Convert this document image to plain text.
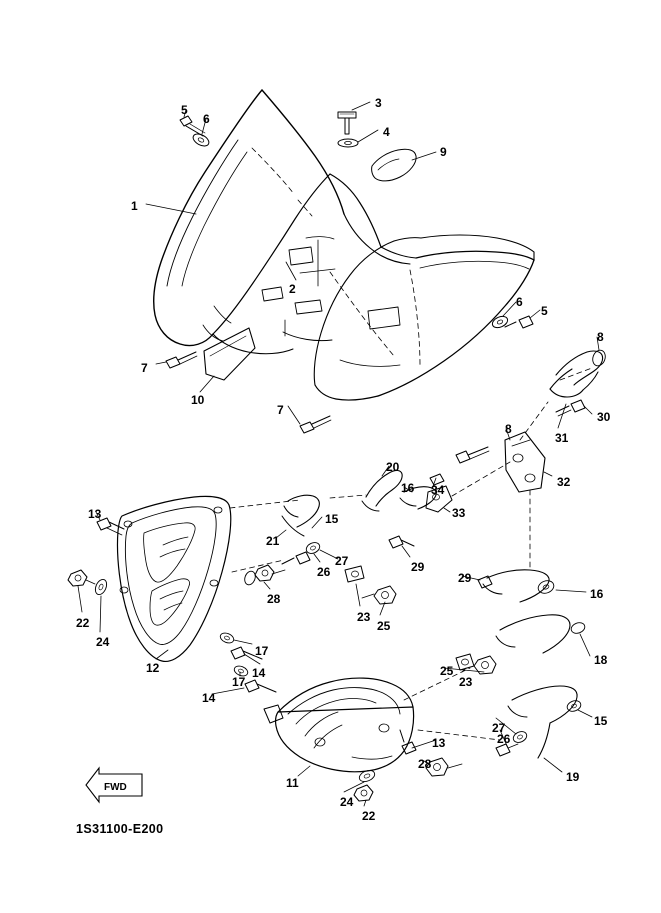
FWD
1S31100-E200
1
2
3
4
5
6
5
6
7
7
8
8
9
10
11
12
13
13
14
14
15
15
16
16
17
17
18
19
20
21
22
22
23
23
24
24
25
25
26
26
27
27
28
28
29
29
30
31
32
33
34
